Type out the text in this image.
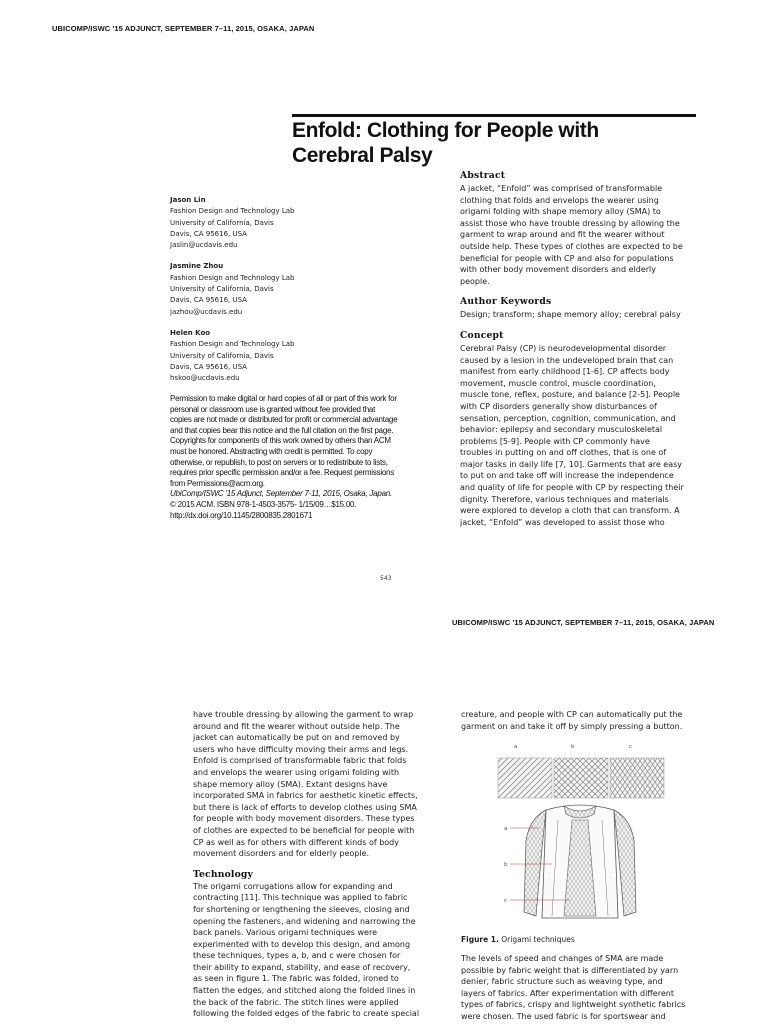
UBICOMP/ISWC '15 ADJUNCT, SEPTEMBER 7–11, 2015, OSAKA, JAPAN
Enfold: Clothing for People with
Cerebral Palsy
Jason Lin
Fashion Design and Technology Lab
University of California, Davis
Davis, CA 95616, USA
Jaslin@ucdavis.edu
Jasmine Zhou
Fashion Design and Technology Lab
University of California, Davis
Davis, CA 95616, USA
jazhou@ucdavis.edu
Helen Koo
Fashion Design and Technology Lab
University of California, Davis
Davis, CA 95616, USA
hskoo@ucdavis.edu
Permission to make digital or hard copies of all or part of this work for
personal or classroom use is granted without fee provided that
copies are not made or distributed for profit or commercial advantage
and that copies bear this notice and the full citation on the first page.
Copyrights for components of this work owned by others than ACM
must be honored. Abstracting with credit is permitted. To copy
otherwise, or republish, to post on servers or to redistribute to lists,
requires prior specific permission and/or a fee. Request permissions
from Permissions@acm.org.
UbiComp/ISWC '15 Adjunct, September 7-11, 2015, Osaka, Japan.
© 2015 ACM. ISBN 978-1-4503-3575- 1/15/09…$15.00.
http://dx.doi.org/10.1145/2800835.2801671
Abstract
A jacket, “Enfold” was comprised of transformable
clothing that folds and envelops the wearer using
origami folding with shape memory alloy (SMA) to
assist those who have trouble dressing by allowing the
garment to wrap around and fit the wearer without
outside help. These types of clothes are expected to be
beneficial for people with CP and also for populations
with other body movement disorders and elderly
people.
Author Keywords
Design; transform; shape memory alloy; cerebral palsy
Concept
Cerebral Palsy (CP) is neurodevelopmental disorder
caused by a lesion in the undeveloped brain that can
manifest from early childhood [1-6]. CP affects body
movement, muscle control, muscle coordination,
muscle tone, reflex, posture, and balance [2-5]. People
with CP disorders generally show disturbances of
sensation, perception, cognition, communication, and
behavior: epilepsy and secondary musculoskeletal
problems [5-9]. People with CP commonly have
troubles in putting on and off clothes, that is one of
major tasks in daily life [7, 10]. Garments that are easy
to put on and take off will increase the independence
and quality of life for people with CP by respecting their
dignity. Therefore, various techniques and materials
were explored to develop a cloth that can transform. A
jacket, “Enfold” was developed to assist those who
543
UBICOMP/ISWC '15 ADJUNCT, SEPTEMBER 7–11, 2015, OSAKA, JAPAN
have trouble dressing by allowing the garment to wrap
around and fit the wearer without outside help. The
jacket can automatically be put on and removed by
users who have difficulty moving their arms and legs.
Enfold is comprised of transformable fabric that folds
and envelops the wearer using origami folding with
shape memory alloy (SMA). Extant designs have
incorporated SMA in fabrics for aesthetic kinetic effects,
but there is lack of efforts to develop clothes using SMA
for people with body movement disorders. These types
of clothes are expected to be beneficial for people with
CP as well as for others with different kinds of body
movement disorders and for elderly people.
Technology
The origami corrugations allow for expanding and
contracting [11]. This technique was applied to fabric
for shortening or lengthening the sleeves, closing and
opening the fasteners, and widening and narrowing the
back panels. Various origami techniques were
experimented with to develop this design, and among
these techniques, types a, b, and c were chosen for
their ability to expand, stability, and ease of recovery,
as seen in figure 1. The fabric was folded, ironed to
flatten the edges, and stitched along the folded lines in
the back of the fabric. The stitch lines were applied
following the folded edges of the fabric to create special
creature, and people with CP can automatically put the
garment on and take it off by simply pressing a button.
a	b	c
a
b
c
Figure 1. Origami techniques
The levels of speed and changes of SMA are made
possible by fabric weight that is differentiated by yarn
denier, fabric structure such as weaving type, and
layers of fabrics. After experimentation with different
types of fabrics, crispy and lightweight synthetic fabrics
were chosen. The used fabric is for sportswear and
